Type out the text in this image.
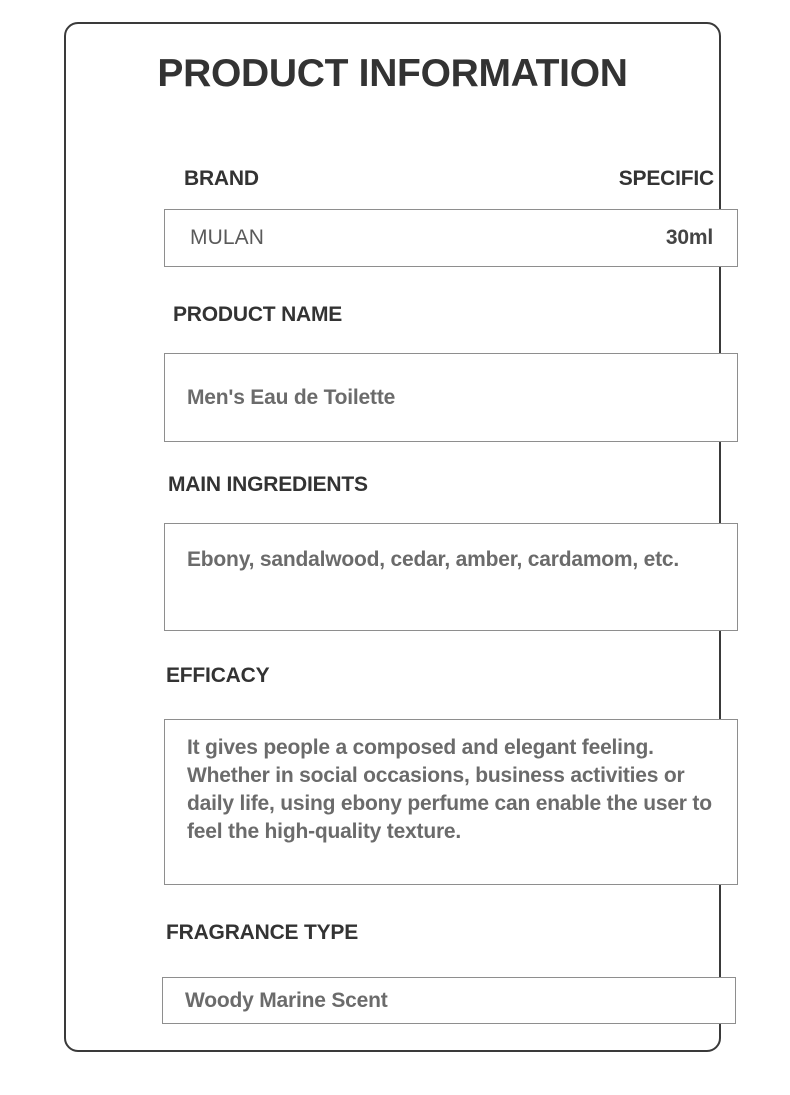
PRODUCT INFORMATION
BRAND	SPECIFIC
MULAN	30ml
PRODUCT NAME
Men's Eau de Toilette
MAIN INGREDIENTS
Ebony, sandalwood, cedar, amber, cardamom, etc.
EFFICACY
It gives people a composed and elegant feeling. Whether in social occasions, business activities or daily life, using ebony perfume can enable the user to feel the high-quality texture.
FRAGRANCE TYPE
Woody Marine Scent
